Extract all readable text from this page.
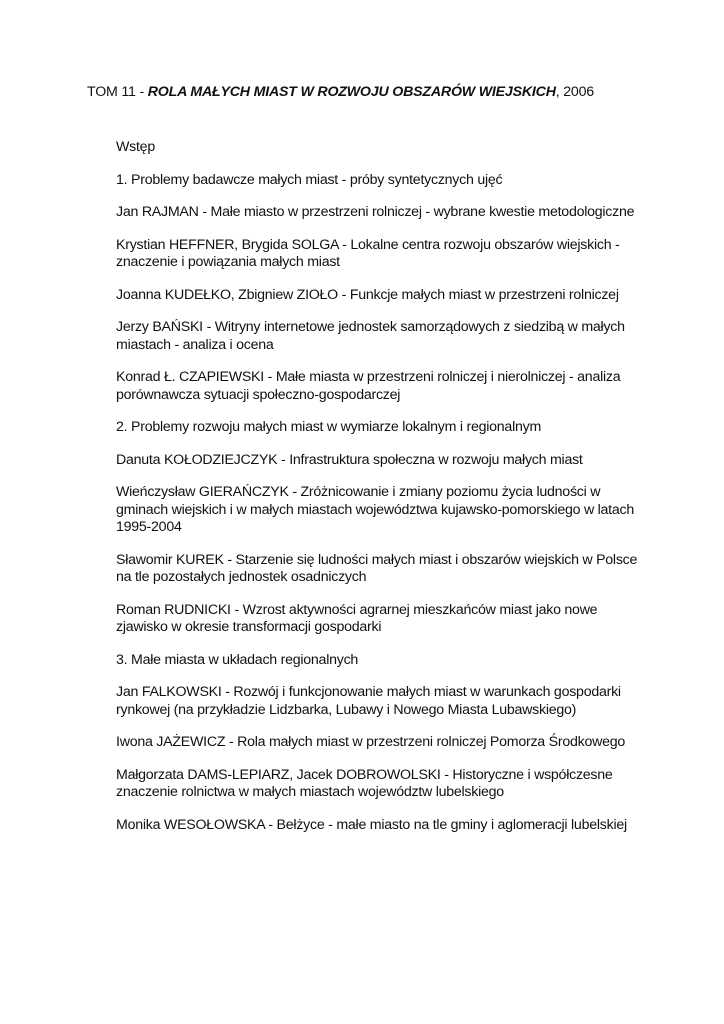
TOM 11 - ROLA MAŁYCH MIAST W ROZWOJU OBSZARÓW WIEJSKICH, 2006
Wstęp
1. Problemy badawcze małych miast - próby syntetycznych ujęć
Jan RAJMAN - Małe miasto w przestrzeni rolniczej - wybrane kwestie metodologiczne
Krystian HEFFNER, Brygida SOLGA - Lokalne centra rozwoju obszarów wiejskich - znaczenie i powiązania małych miast
Joanna KUDEŁKO, Zbigniew ZIOŁO - Funkcje małych miast w przestrzeni rolniczej
Jerzy BAŃSKI - Witryny internetowe jednostek samorządowych z siedzibą w małych miastach - analiza i ocena
Konrad Ł. CZAPIEWSKI - Małe miasta w przestrzeni rolniczej i nierolniczej - analiza porównawcza sytuacji społeczno-gospodarczej
2. Problemy rozwoju małych miast w wymiarze lokalnym i regionalnym
Danuta KOŁODZIEJCZYK - Infrastruktura społeczna w rozwoju małych miast
Wieńczysław GIERAŃCZYK - Zróżnicowanie i zmiany poziomu życia ludności w gminach wiejskich i w małych miastach województwa kujawsko-pomorskiego w latach 1995-2004
Sławomir KUREK - Starzenie się ludności małych miast i obszarów wiejskich w Polsce na tle pozostałych jednostek osadniczych
Roman RUDNICKI - Wzrost aktywności agrarnej mieszkańców miast jako nowe zjawisko w okresie transformacji gospodarki
3. Małe miasta w układach regionalnych
Jan FALKOWSKI - Rozwój i funkcjonowanie małych miast w warunkach gospodarki rynkowej (na przykładzie Lidzbarka, Lubawy i Nowego Miasta Lubawskiego)
Iwona JAŻEWICZ - Rola małych miast w przestrzeni rolniczej Pomorza Środkowego
Małgorzata DAMS-LEPIARZ, Jacek DOBROWOLSKI - Historyczne i współczesne znaczenie rolnictwa w małych miastach województw lubelskiego
Monika WESOŁOWSKA - Bełżyce - małe miasto na tle gminy i aglomeracji lubelskiej
